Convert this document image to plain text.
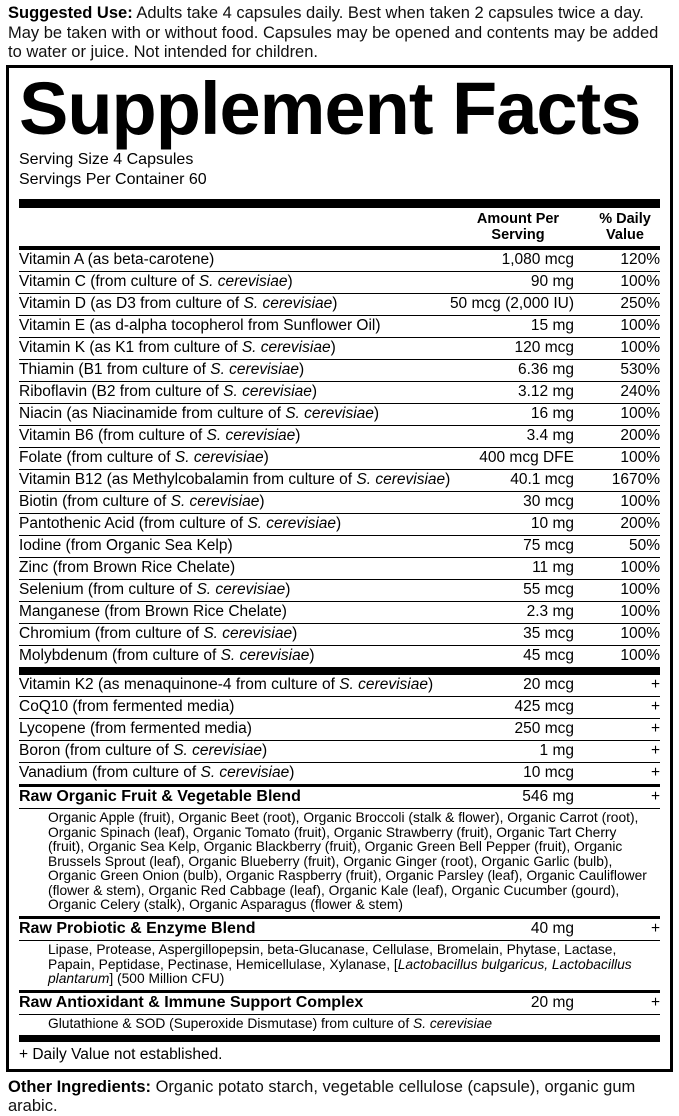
Suggested Use: Adults take 4 capsules daily. Best when taken 2 capsules twice a day. May be taken with or without food. Capsules may be opened and contents may be added to water or juice. Not intended for children.
Supplement Facts
Serving Size 4 Capsules
Servings Per Container 60
Amount Per Serving
% Daily Value
Vitamin A (as beta-carotene)	1,080 mcg	120%
Vitamin C (from culture of S. cerevisiae)	90 mg	100%
Vitamin D (as D3 from culture of S. cerevisiae)	50 mcg (2,000 IU)	250%
Vitamin E (as d-alpha tocopherol from Sunflower Oil)	15 mg	100%
Vitamin K (as K1 from culture of S. cerevisiae)	120 mcg	100%
Thiamin (B1 from culture of S. cerevisiae)	6.36 mg	530%
Riboflavin (B2 from culture of S. cerevisiae)	3.12 mg	240%
Niacin (as Niacinamide from culture of S. cerevisiae)	16 mg	100%
Vitamin B6 (from culture of S. cerevisiae)	3.4 mg	200%
Folate (from culture of S. cerevisiae)	400 mcg DFE	100%
Vitamin B12 (as Methylcobalamin from culture of S. cerevisiae)	40.1 mcg	1670%
Biotin (from culture of S. cerevisiae)	30 mcg	100%
Pantothenic Acid (from culture of S. cerevisiae)	10 mg	200%
Iodine (from Organic Sea Kelp)	75 mcg	50%
Zinc (from Brown Rice Chelate)	11 mg	100%
Selenium (from culture of S. cerevisiae)	55 mcg	100%
Manganese (from Brown Rice Chelate)	2.3 mg	100%
Chromium (from culture of S. cerevisiae)	35 mcg	100%
Molybdenum (from culture of S. cerevisiae)	45 mcg	100%
Vitamin K2 (as menaquinone-4 from culture of S. cerevisiae)	20 mcg	+
CoQ10 (from fermented media)	425 mcg	+
Lycopene (from fermented media)	250 mcg	+
Boron (from culture of S. cerevisiae)	1 mg	+
Vanadium (from culture of S. cerevisiae)	10 mcg	+
Raw Organic Fruit & Vegetable Blend	546 mg	+
Organic Apple (fruit), Organic Beet (root), Organic Broccoli (stalk & flower), Organic Carrot (root), Organic Spinach (leaf), Organic Tomato (fruit), Organic Strawberry (fruit), Organic Tart Cherry (fruit), Organic Sea Kelp, Organic Blackberry (fruit), Organic Green Bell Pepper (fruit), Organic Brussels Sprout (leaf), Organic Blueberry (fruit), Organic Ginger (root), Organic Garlic (bulb), Organic Green Onion (bulb), Organic Raspberry (fruit), Organic Parsley (leaf), Organic Cauliflower (flower & stem), Organic Red Cabbage (leaf), Organic Kale (leaf), Organic Cucumber (gourd), Organic Celery (stalk), Organic Asparagus (flower & stem)
Raw Probiotic & Enzyme Blend	40 mg	+
Lipase, Protease, Aspergillopepsin, beta-Glucanase, Cellulase, Bromelain, Phytase, Lactase, Papain, Peptidase, Pectinase, Hemicellulase, Xylanase, [Lactobacillus bulgaricus, Lactobacillus plantarum] (500 Million CFU)
Raw Antioxidant & Immune Support Complex	20 mg	+
Glutathione & SOD (Superoxide Dismutase) from culture of S. cerevisiae
+ Daily Value not established.
Other Ingredients: Organic potato starch, vegetable cellulose (capsule), organic gum arabic.
